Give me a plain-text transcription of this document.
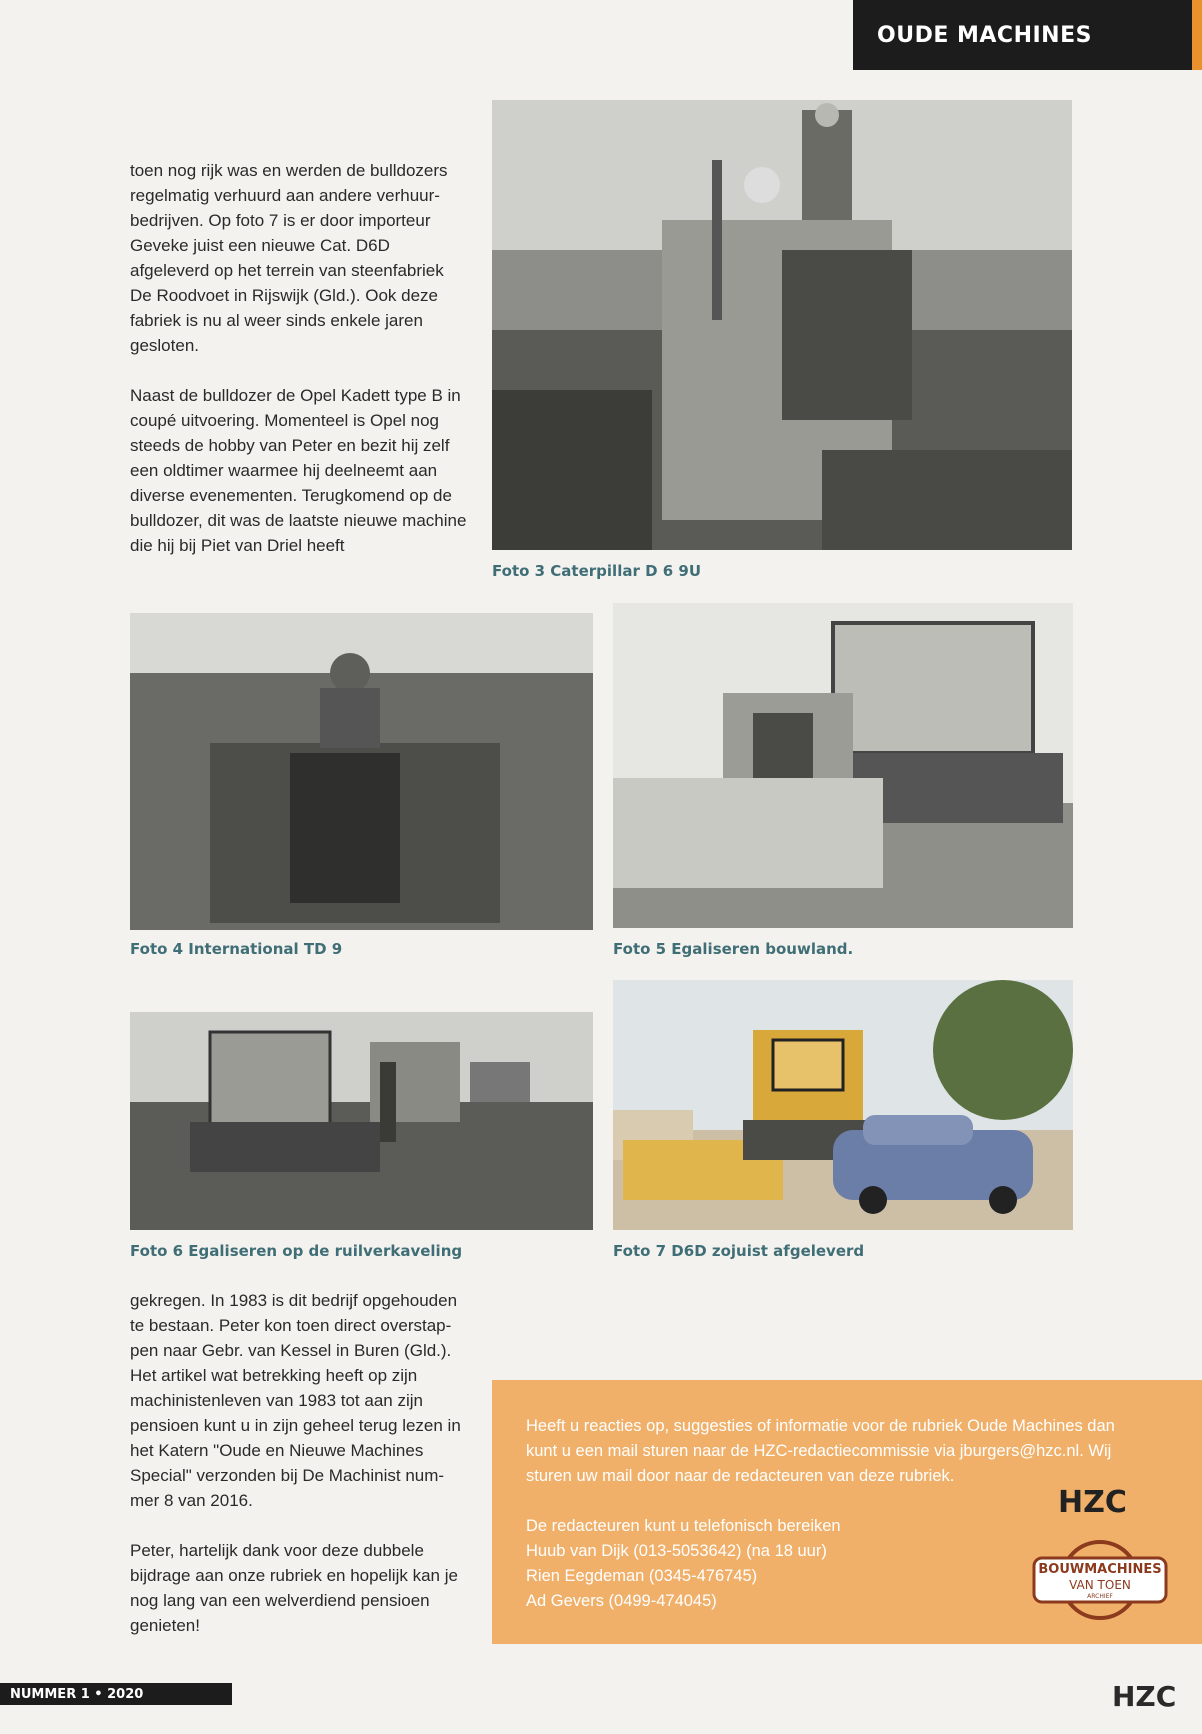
OUDE MACHINES

toen nog rijk was en werden de bulldozers regelmatig verhuurd aan andere verhuur-bedrijven. Op foto 7 is er door importeur Geveke juist een nieuwe Cat. D6D afgeleverd op het terrein van steenfabriek De Roodvoet in Rijswijk (Gld.). Ook deze fabriek is nu al weer sinds enkele jaren gesloten.

Naast de bulldozer de Opel Kadett type B in coupé uitvoering. Momenteel is Opel nog steeds de hobby van Peter en bezit hij zelf een oldtimer waarmee hij deelneemt aan diverse evenementen. Terugkomend op de bulldozer, dit was de laatste nieuwe machine die hij bij Piet van Driel heeft

Foto 3 Caterpillar D 6 9U
Foto 4 International TD 9	Foto 5 Egaliseren bouwland.
Foto 6 Egaliseren op de ruilverkaveling	Foto 7 D6D zojuist afgeleverd

gekregen. In 1983 is dit bedrijf opgehouden te bestaan. Peter kon toen direct overstap-pen naar Gebr. van Kessel in Buren (Gld.). Het artikel wat betrekking heeft op zijn machinistenleven van 1983 tot aan zijn pensioen kunt u in zijn geheel terug lezen in het Katern "Oude en Nieuwe Machines Special" verzonden bij De Machinist num-mer 8 van 2016.

Peter, hartelijk dank voor deze dubbele bijdrage aan onze rubriek en hopelijk kan je nog lang van een welverdiend pensioen genieten!

Heeft u reacties op, suggesties of informatie voor de rubriek Oude Machines dan kunt u een mail sturen naar de HZC-redactiecommissie via jburgers@hzc.nl. Wij sturen uw mail door naar de redacteuren van deze rubriek.

De redacteuren kunt u telefonisch bereiken
Huub van Dijk (013-5053642) (na 18 uur)
Rien Eegdeman (0345-476745)
Ad Gevers (0499-474045)
HZC
BOUWMACHINES
VAN TOEN
ARCHIEF
NUMMER 1 • 2020	HZC
